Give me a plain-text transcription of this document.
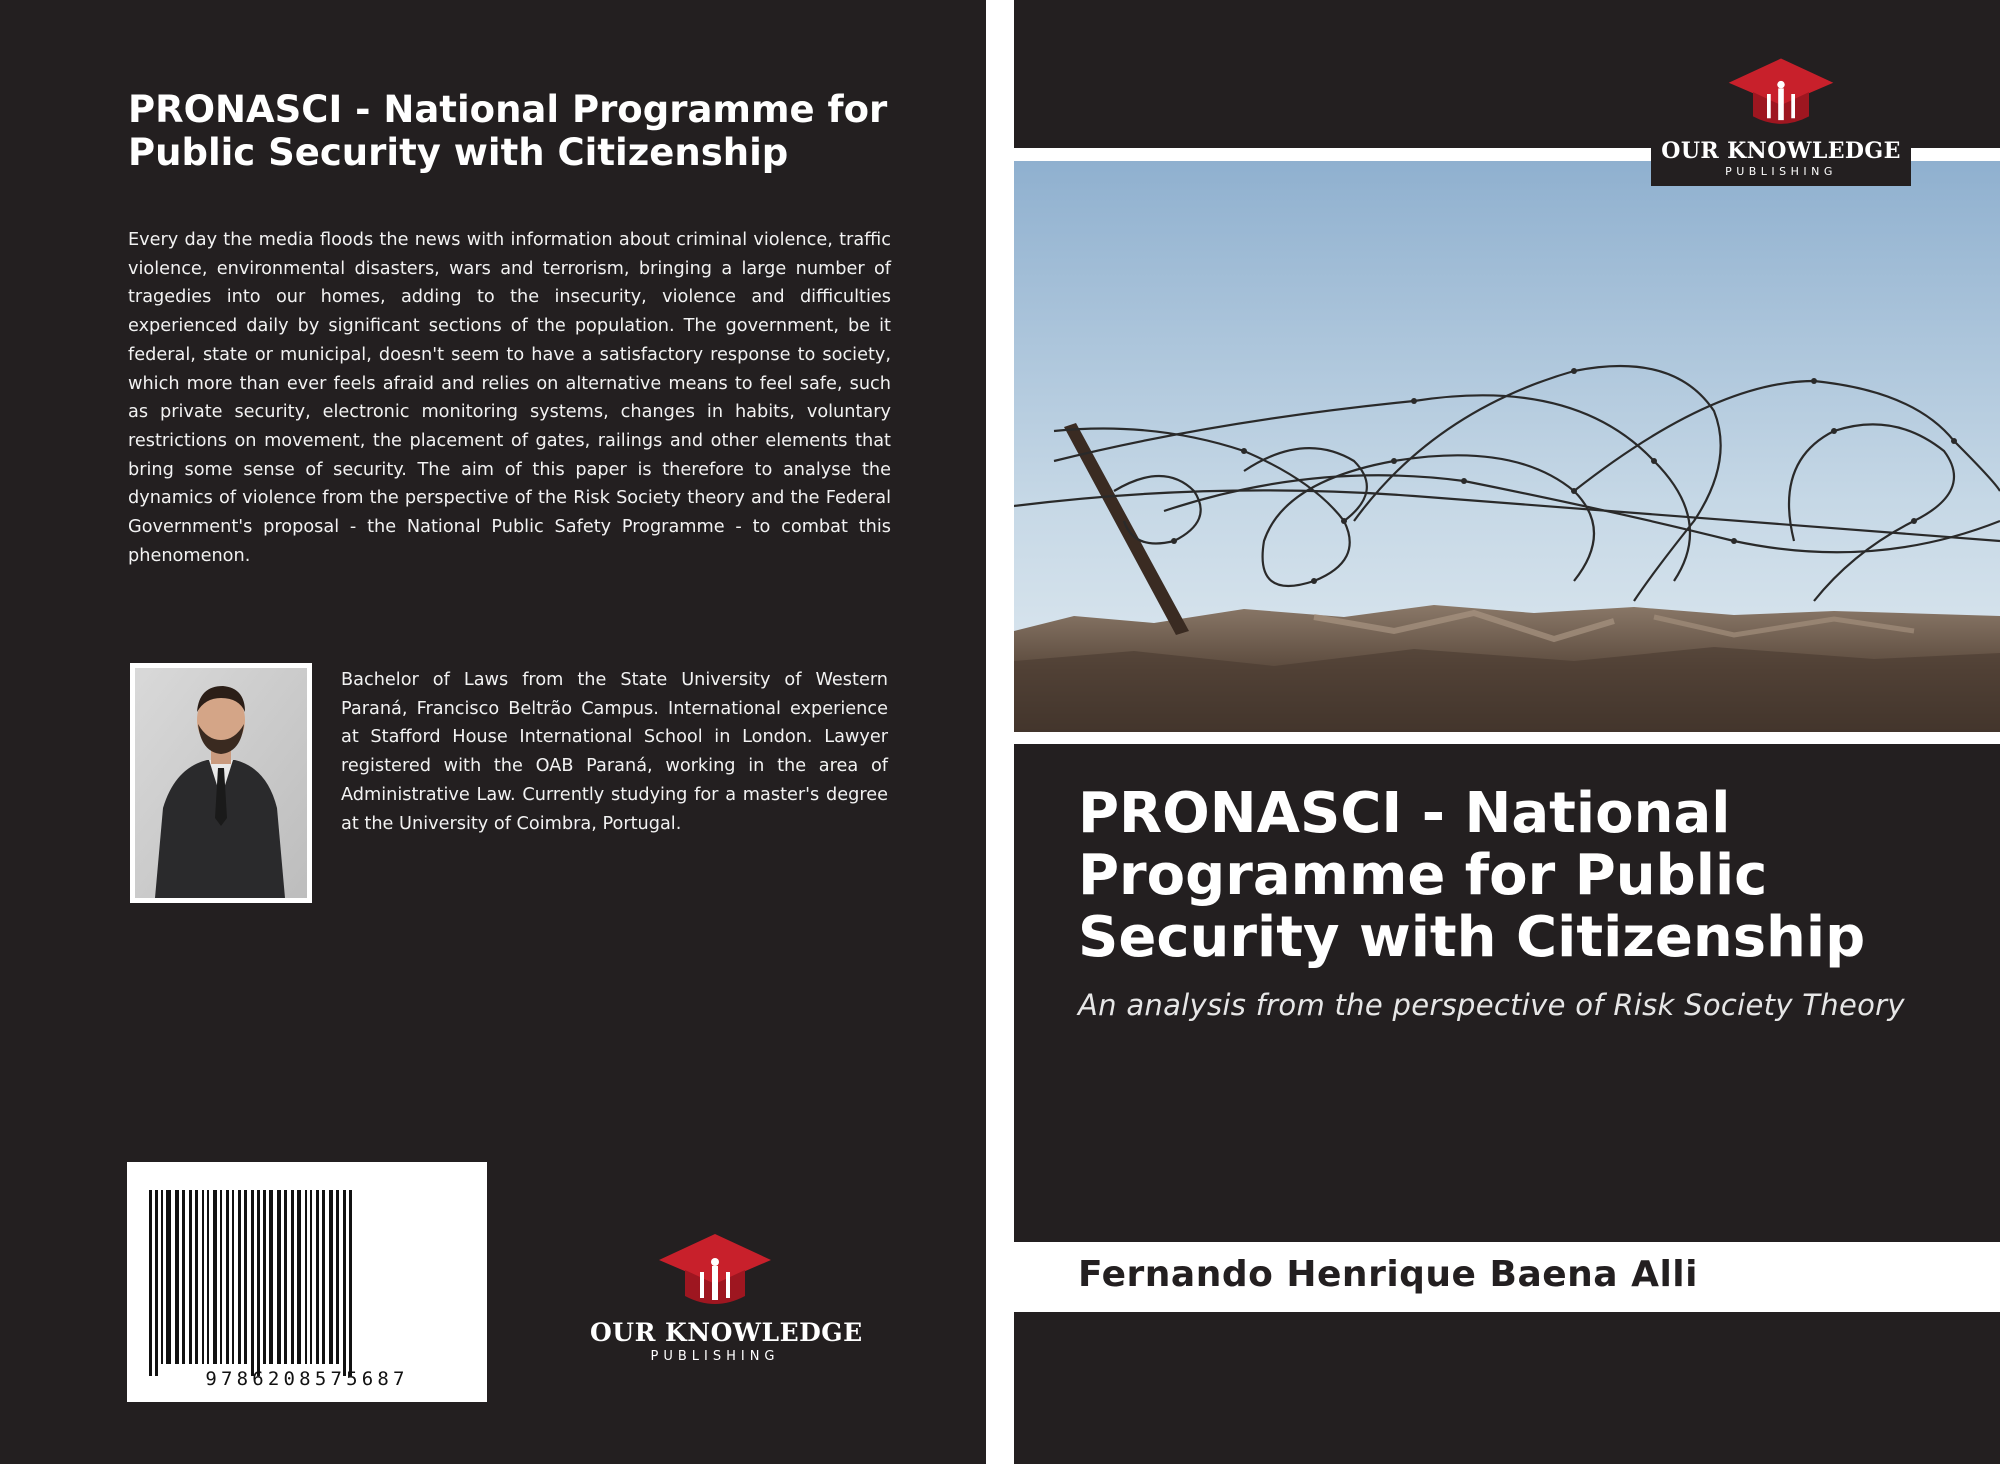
PRONASCI - National Programme for Public Security with Citizenship

Every day the media floods the news with information about criminal violence, traffic violence, environmental disasters, wars and terrorism, bringing a large number of tragedies into our homes, adding to the insecurity, violence and difficulties experienced daily by significant sections of the population. The government, be it federal, state or municipal, doesn't seem to have a satisfactory response to society, which more than ever feels afraid and relies on alternative means to feel safe, such as private security, electronic monitoring systems, changes in habits, voluntary restrictions on movement, the placement of gates, railings and other elements that bring some sense of security. The aim of this paper is therefore to analyse the dynamics of violence from the perspective of the Risk Society theory and the Federal Government's proposal - the National Public Safety Programme - to combat this phenomenon.

Bachelor of Laws from the State University of Western Paraná, Francisco Beltrão Campus. International experience at Stafford House International School in London. Lawyer registered with the OAB Paraná, working in the area of Administrative Law. Currently studying for a master's degree at the University of Coimbra, Portugal.

9786208575687
OUR KNOWLEDGE
PUBLISHING
OUR KNOWLEDGE
PUBLISHING
PRONASCI - National Programme for Public Security with Citizenship
An analysis from the perspective of Risk Society Theory
Fernando Henrique Baena Alli
